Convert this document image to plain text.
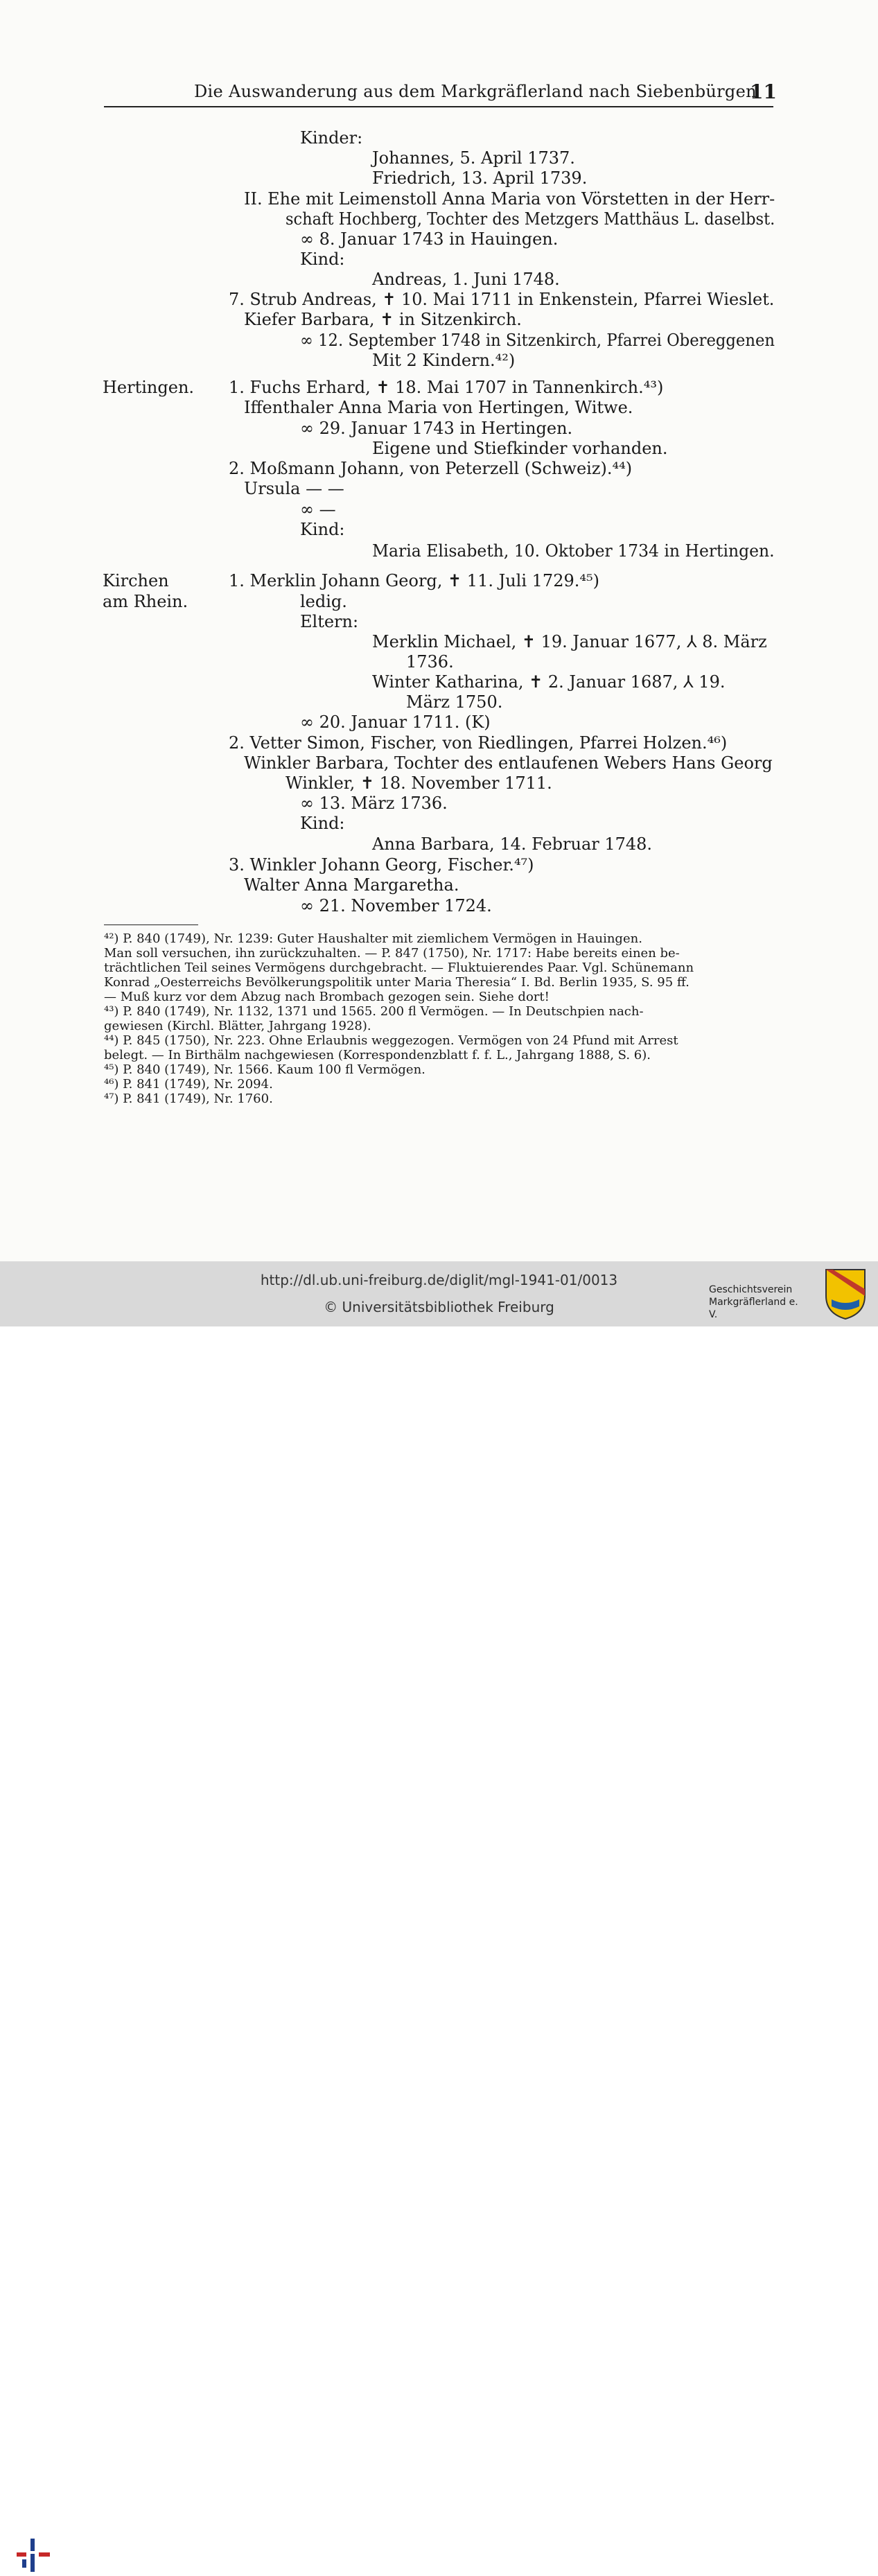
Die Auswanderung aus dem Markgräflerland nach Siebenbürgen
11
Kinder:
Johannes, 5. April 1737.
Friedrich, 13. April 1739.
II. Ehe mit Leimenstoll Anna Maria von Vörstetten in der Herr-
schaft Hochberg, Tochter des Metzgers Matthäus L. daselbst.
∞ 8. Januar 1743 in Hauingen.
Kind:
Andreas, 1. Juni 1748.
7. Strub Andreas, ✝ 10. Mai 1711 in Enkenstein, Pfarrei Wieslet.
Kiefer Barbara, ✝ in Sitzenkirch.
∞ 12. September 1748 in Sitzenkirch, Pfarrei Obereggenen
Mit 2 Kindern.⁴²)
Hertingen. 1. Fuchs Erhard, ✝ 18. Mai 1707 in Tannenkirch.⁴³)
Iffenthaler Anna Maria von Hertingen, Witwe.
∞ 29. Januar 1743 in Hertingen.
Eigene und Stiefkinder vorhanden.
2. Moßmann Johann, von Peterzell (Schweiz).⁴⁴)
Ursula — —
∞ —
Kind:
Maria Elisabeth, 10. Oktober 1734 in Hertingen.
Kirchen
am Rhein.
1. Merklin Johann Georg, ✝ 11. Juli 1729.⁴⁵)
ledig.
Eltern:
Merklin Michael, ✝ 19. Januar 1677, ⅄ 8. März
1736.
Winter Katharina, ✝ 2. Januar 1687, ⅄ 19.
März 1750.
∞ 20. Januar 1711. (K)
2. Vetter Simon, Fischer, von Riedlingen, Pfarrei Holzen.⁴⁶)
Winkler Barbara, Tochter des entlaufenen Webers Hans Georg
Winkler, ✝ 18. November 1711.
∞ 13. März 1736.
Kind:
Anna Barbara, 14. Februar 1748.
3. Winkler Johann Georg, Fischer.⁴⁷)
Walter Anna Margaretha.
∞ 21. November 1724.
⁴²) P. 840 (1749), Nr. 1239: Guter Haushalter mit ziemlichem Vermögen in Hauingen.
Man soll versuchen, ihn zurückzuhalten. — P. 847 (1750), Nr. 1717: Habe bereits einen be-
trächtlichen Teil seines Vermögens durchgebracht. — Fluktuierendes Paar. Vgl. Schünemann
Konrad „Oesterreichs Bevölkerungspolitik unter Maria Theresia“ I. Bd. Berlin 1935, S. 95 ff.
— Muß kurz vor dem Abzug nach Brombach gezogen sein. Siehe dort!
⁴³) P. 840 (1749), Nr. 1132, 1371 und 1565. 200 fl Vermögen. — In Deutschpien nach-
gewiesen (Kirchl. Blätter, Jahrgang 1928).
⁴⁴) P. 845 (1750), Nr. 223. Ohne Erlaubnis weggezogen. Vermögen von 24 Pfund mit Arrest
belegt. — In Birthälm nachgewiesen (Korrespondenzblatt f. f. L., Jahrgang 1888, S. 6).
⁴⁵) P. 840 (1749), Nr. 1566. Kaum 100 fl Vermögen.
⁴⁶) P. 841 (1749), Nr. 2094.
⁴⁷) P. 841 (1749), Nr. 1760.
http://dl.ub.uni-freiburg.de/diglit/mgl-1941-01/0013
© Universitätsbibliothek Freiburg
Geschichtsverein
Markgräflerland e. V.
